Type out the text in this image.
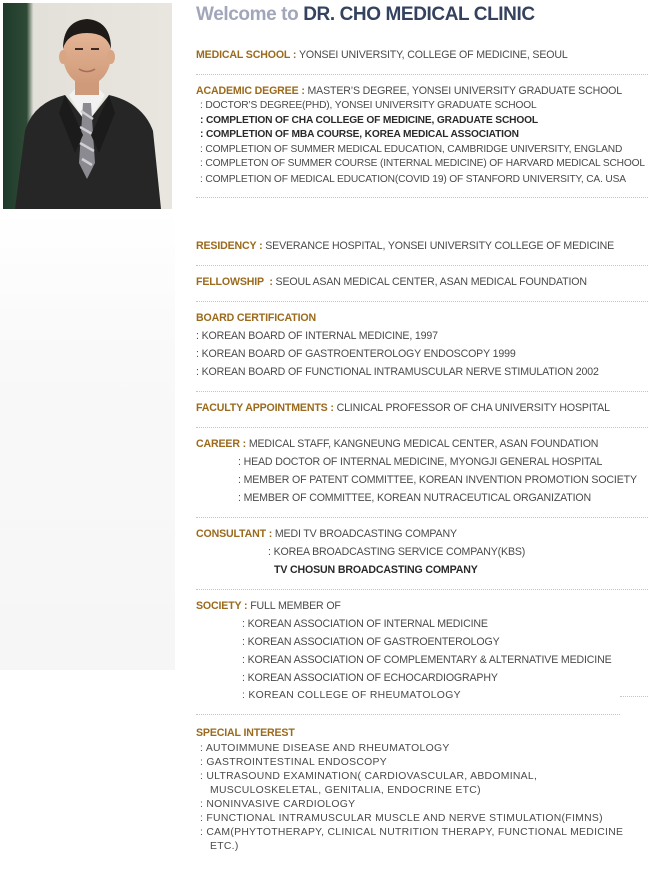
Welcome to DR. CHO MEDICAL CLINIC
MEDICAL SCHOOL : YONSEI UNIVERSITY, COLLEGE OF MEDICINE, SEOUL
ACADEMIC DEGREE : MASTER’S DEGREE, YONSEI UNIVERSITY GRADUATE SCHOOL
: DOCTOR’S DEGREE(PHD), YONSEI UNIVERSITY GRADUATE SCHOOL
: COMPLETION OF CHA COLLEGE OF MEDICINE, GRADUATE SCHOOL
: COMPLETION OF MBA COURSE, KOREA MEDICAL ASSOCIATION
: COMPLETION OF SUMMER MEDICAL EDUCATION, CAMBRIDGE UNIVERSITY, ENGLAND
: COMPLETON OF SUMMER COURSE (INTERNAL MEDICINE) OF HARVARD MEDICAL SCHOOL
: COMPLETION OF MEDICAL EDUCATION(COVID 19) OF STANFORD UNIVERSITY, CA. USA
RESIDENCY : SEVERANCE HOSPITAL, YONSEI UNIVERSITY COLLEGE OF MEDICINE
FELLOWSHIP  : SEOUL ASAN MEDICAL CENTER, ASAN MEDICAL FOUNDATION
BOARD CERTIFICATION
: KOREAN BOARD OF INTERNAL MEDICINE, 1997
: KOREAN BOARD OF GASTROENTEROLOGY ENDOSCOPY 1999
: KOREAN BOARD OF FUNCTIONAL INTRAMUSCULAR NERVE STIMULATION 2002
FACULTY APPOINTMENTS : CLINICAL PROFESSOR OF CHA UNIVERSITY HOSPITAL
CAREER : MEDICAL STAFF, KANGNEUNG MEDICAL CENTER, ASAN FOUNDATION
: HEAD DOCTOR OF INTERNAL MEDICINE, MYONGJI GENERAL HOSPITAL
: MEMBER OF PATENT COMMITTEE, KOREAN INVENTION PROMOTION SOCIETY
: MEMBER OF COMMITTEE, KOREAN NUTRACEUTICAL ORGANIZATION
CONSULTANT : MEDI TV BROADCASTING COMPANY
: KOREA BROADCASTING SERVICE COMPANY(KBS)
TV CHOSUN BROADCASTING COMPANY
SOCIETY : FULL MEMBER OF
: KOREAN ASSOCIATION OF INTERNAL MEDICINE
: KOREAN ASSOCIATION OF GASTROENTEROLOGY
: KOREAN ASSOCIATION OF COMPLEMENTARY & ALTERNATIVE MEDICINE
: KOREAN ASSOCIATION OF ECHOCARDIOGRAPHY
: KOREAN COLLEGE OF RHEUMATOLOGY
SPECIAL INTEREST
: AUTOIMMUNE DISEASE AND RHEUMATOLOGY
: GASTROINTESTINAL ENDOSCOPY
: ULTRASOUND EXAMINATION( CARDIOVASCULAR, ABDOMINAL, MUSCULOSKELETAL, GENITALIA, ENDOCRINE ETC)
: NONINVASIVE CARDIOLOGY
: FUNCTIONAL INTRAMUSCULAR MUSCLE AND NERVE STIMULATION(FIMNS)
: CAM(PHYTOTHERAPY, CLINICAL NUTRITION THERAPY, FUNCTIONAL MEDICINE ETC.)
